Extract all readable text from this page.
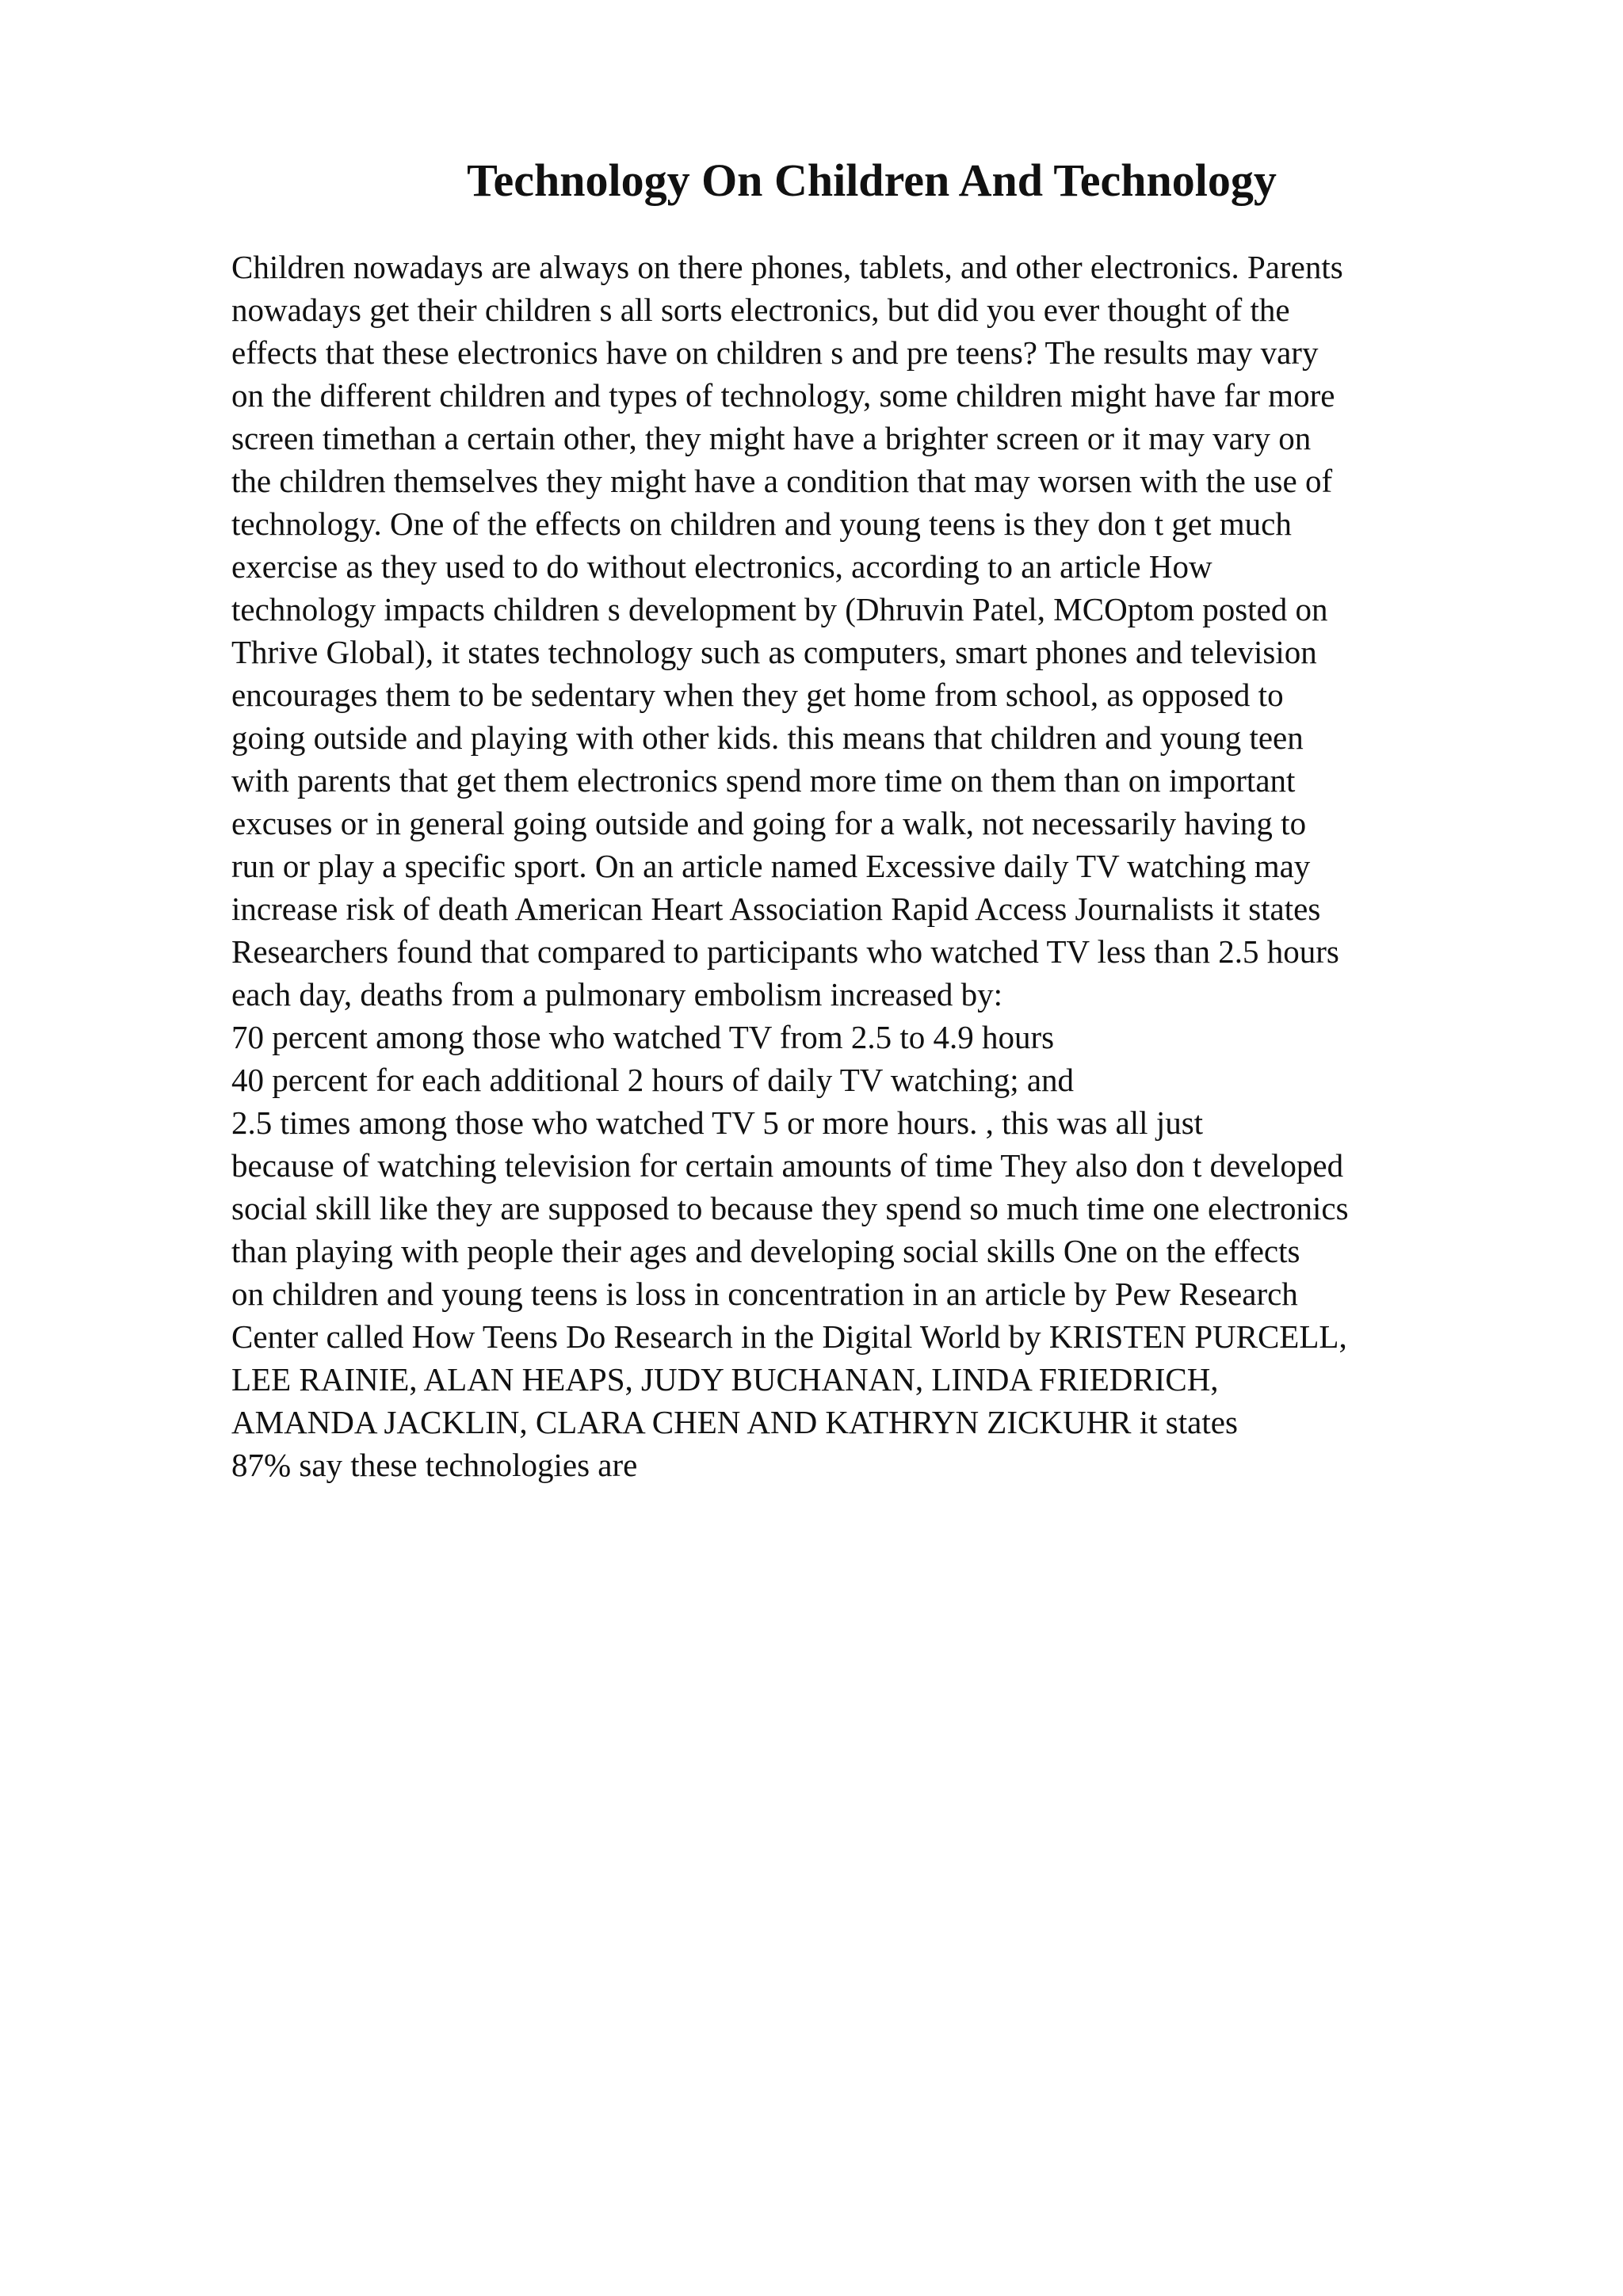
Technology On Children And Technology
Children nowadays are always on there phones, tablets, and other electronics. Parents
nowadays get their children s all sorts electronics, but did you ever thought of the
effects that these electronics have on children s and pre teens? The results may vary
on the different children and types of technology, some children might have far more
screen timethan a certain other, they might have a brighter screen or it may vary on
the children themselves they might have a condition that may worsen with the use of
technology. One of the effects on children and young teens is they don t get much
exercise as they used to do without electronics, according to an article How
technology impacts children s development by (Dhruvin Patel, MCOptom posted on
Thrive Global), it states technology such as computers, smart phones and television
encourages them to be sedentary when they get home from school, as opposed to
going outside and playing with other kids. this means that children and young teen
with parents that get them electronics spend more time on them than on important
excuses or in general going outside and going for a walk, not necessarily having to
run or play a specific sport. On an article named Excessive daily TV watching may
increase risk of death American Heart Association Rapid Access Journalists it states
Researchers found that compared to participants who watched TV less than 2.5 hours
each day, deaths from a pulmonary embolism increased by:
70 percent among those who watched TV from 2.5 to 4.9 hours
40 percent for each additional 2 hours of daily TV watching; and
2.5 times among those who watched TV 5 or more hours. , this was all just
because of watching television for certain amounts of time They also don t developed
social skill like they are supposed to because they spend so much time one electronics
than playing with people their ages and developing social skills One on the effects
on children and young teens is loss in concentration in an article by Pew Research
Center called How Teens Do Research in the Digital World by KRISTEN PURCELL,
LEE RAINIE, ALAN HEAPS, JUDY BUCHANAN, LINDA FRIEDRICH,
AMANDA JACKLIN, CLARA CHEN AND KATHRYN ZICKUHR it states
87% say these technologies are
